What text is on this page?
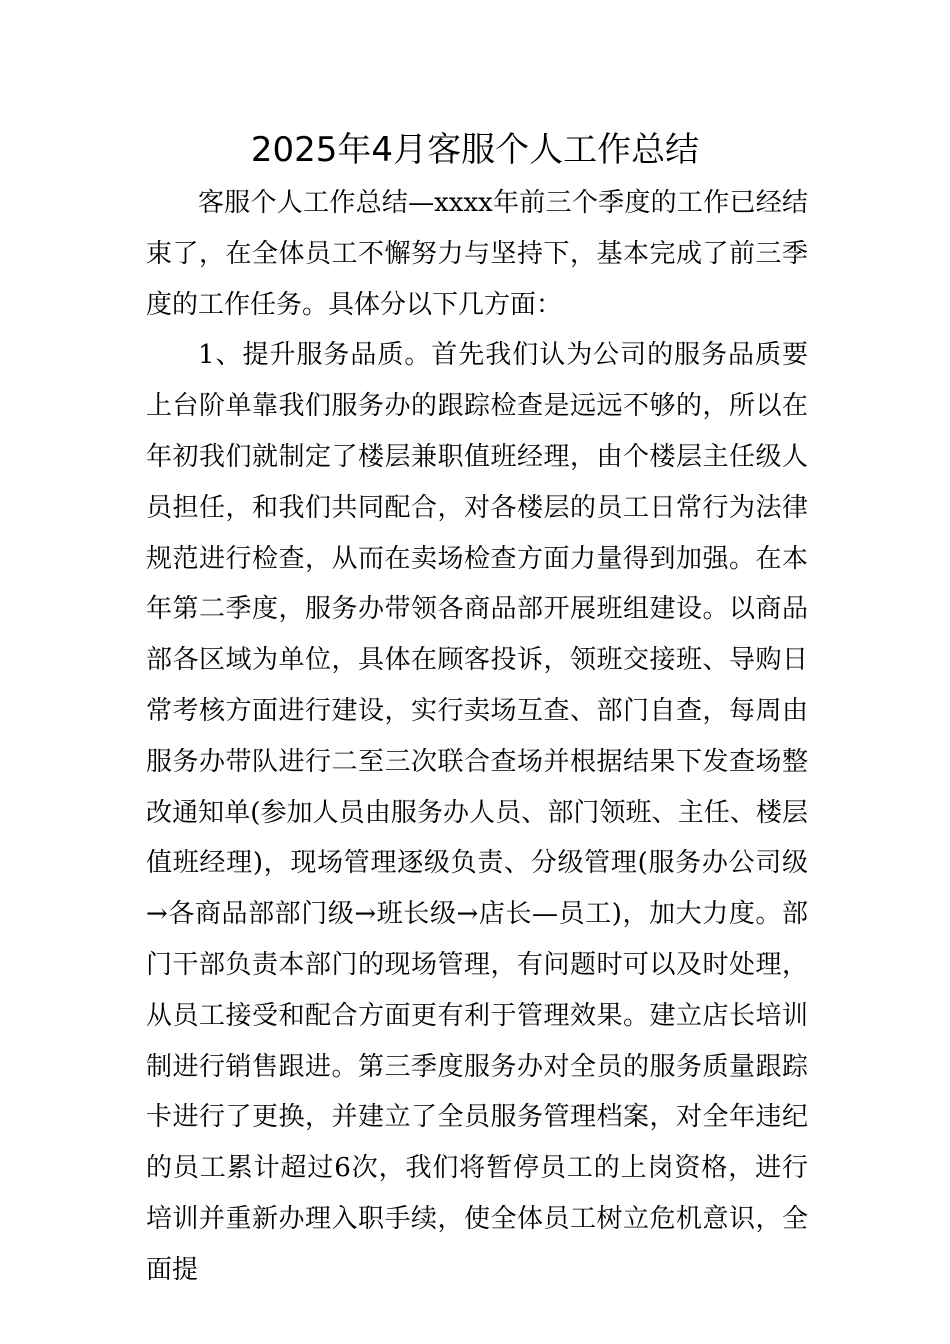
2025年4月客服个人工作总结

客服个人工作总结—xxxx年前三个季度的工作已经结束了，在全体员工不懈努力与坚持下，基本完成了前三季度的工作任务。具体分以下几方面：

1、提升服务品质。首先我们认为公司的服务品质要上台阶单靠我们服务办的跟踪检查是远远不够的，所以在年初我们就制定了楼层兼职值班经理，由个楼层主任级人员担任，和我们共同配合，对各楼层的员工日常行为法律规范进行检查，从而在卖场检查方面力量得到加强。在本年第二季度，服务办带领各商品部开展班组建设。以商品部各区域为单位，具体在顾客投诉，领班交接班、导购日常考核方面进行建设，实行卖场互查、部门自查，每周由服务办带队进行二至三次联合查场并根据结果下发查场整改通知单(参加人员由服务办人员、部门领班、主任、楼层值班经理)，现场管理逐级负责、分级管理(服务办公司级→各商品部部门级→班长级→店长—员工)，加大力度。部门干部负责本部门的现场管理，有问题时可以及时处理，从员工接受和配合方面更有利于管理效果。建立店长培训制进行销售跟进。第三季度服务办对全员的服务质量跟踪卡进行了更换，并建立了全员服务管理档案，对全年违纪的员工累计超过6次，我们将暂停员工的上岗资格，进行培训并重新办理入职手续，使全体员工树立危机意识，全面提
